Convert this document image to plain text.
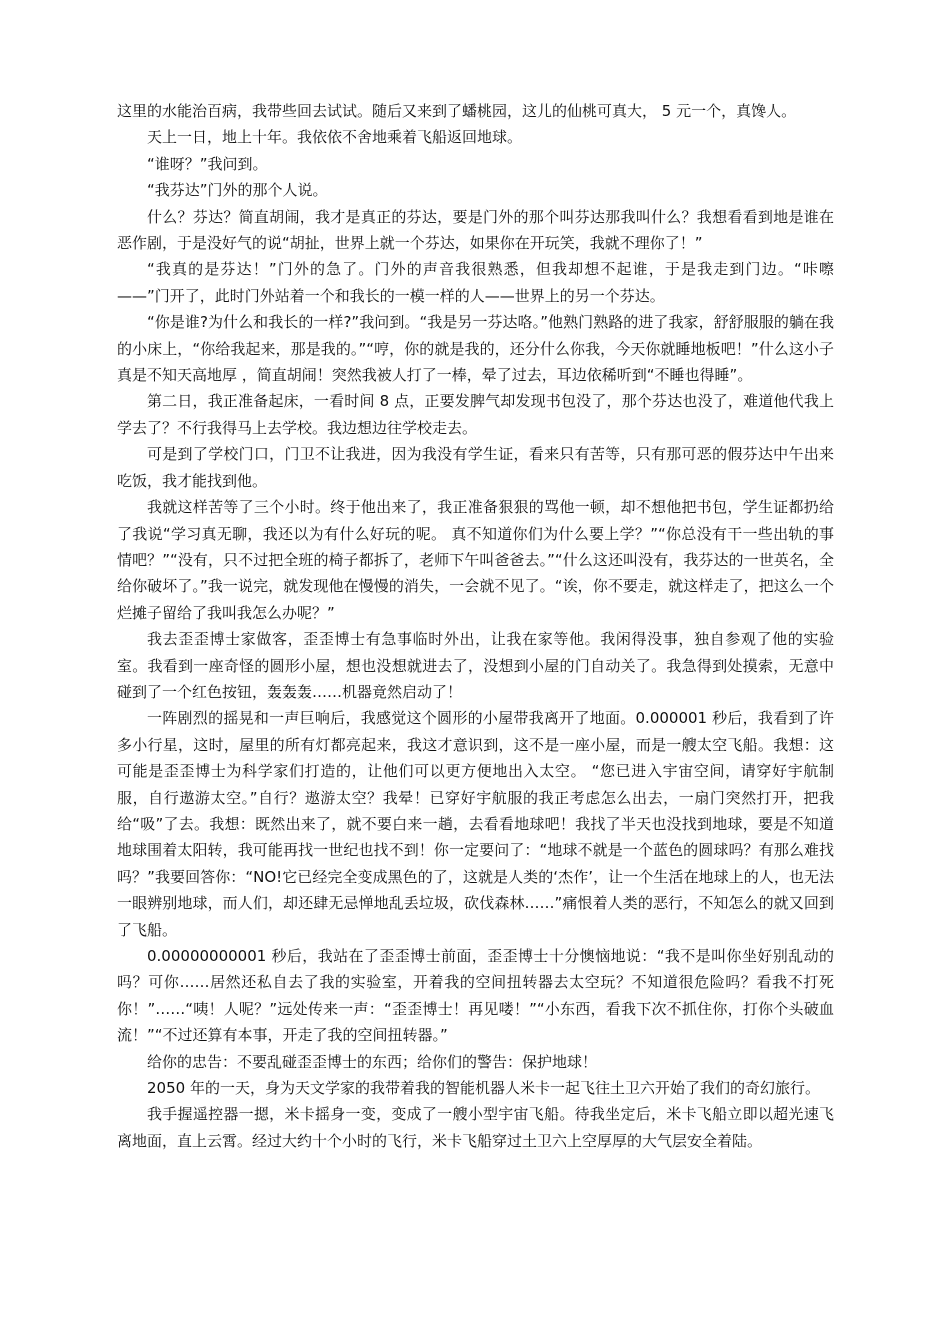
这里的水能治百病，我带些回去试试。随后又来到了蟠桃园，这儿的仙桃可真大， 5 元一个，真馋人。

天上一日，地上十年。我依依不舍地乘着飞船返回地球。

“谁呀？”我问到。

“我芬达”门外的那个人说。

什么？芬达？简直胡闹，我才是真正的芬达，要是门外的那个叫芬达那我叫什么？我想看看到地是谁在恶作剧，于是没好气的说“胡扯，世界上就一个芬达，如果你在开玩笑，我就不理你了！”

“我真的是芬达！”门外的急了。门外的声音我很熟悉，但我却想不起谁，于是我走到门边。“咔嚓——”门开了，此时门外站着一个和我长的一模一样的人——世界上的另一个芬达。

“你是谁?为什么和我长的一样?”我问到。“我是另一芬达咯。”他熟门熟路的进了我家，舒舒服服的躺在我的小床上，“你给我起来，那是我的。”“哼，你的就是我的，还分什么你我，今天你就睡地板吧！”什么这小子真是不知天高地厚 ，简直胡闹！突然我被人打了一棒，晕了过去，耳边依稀听到“不睡也得睡”。

第二日，我正准备起床，一看时间 8 点，正要发脾气却发现书包没了，那个芬达也没了，难道他代我上学去了？不行我得马上去学校。我边想边往学校走去。

可是到了学校门口，门卫不让我进，因为我没有学生证，看来只有苦等，只有那可恶的假芬达中午出来吃饭，我才能找到他。

我就这样苦等了三个小时。终于他出来了，我正准备狠狠的骂他一顿，却不想他把书包，学生证都扔给了我说“学习真无聊，我还以为有什么好玩的呢。 真不知道你们为什么要上学？”“你总没有干一些出轨的事情吧？”“没有，只不过把全班的椅子都拆了，老师下午叫爸爸去。”“什么这还叫没有，我芬达的一世英名，全给你破坏了。”我一说完，就发现他在慢慢的消失，一会就不见了。“诶，你不要走，就这样走了，把这么一个烂摊子留给了我叫我怎么办呢？”

我去歪歪博士家做客，歪歪博士有急事临时外出，让我在家等他。我闲得没事，独自参观了他的实验室。我看到一座奇怪的圆形小屋，想也没想就进去了，没想到小屋的门自动关了。我急得到处摸索，无意中碰到了一个红色按钮，轰轰轰……机器竟然启动了！

一阵剧烈的摇晃和一声巨响后，我感觉这个圆形的小屋带我离开了地面。0.000001 秒后，我看到了许多小行星，这时，屋里的所有灯都亮起来，我这才意识到，这不是一座小屋，而是一艘太空飞船。我想：这可能是歪歪博士为科学家们打造的，让他们可以更方便地出入太空。 “您已进入宇宙空间，请穿好宇航制服，自行遨游太空。”自行？遨游太空？我晕！已穿好宇航服的我正考虑怎么出去，一扇门突然打开，把我给“吸”了去。我想：既然出来了，就不要白来一趟，去看看地球吧！我找了半天也没找到地球，要是不知道地球围着太阳转，我可能再找一世纪也找不到！你一定要问了：“地球不就是一个蓝色的圆球吗？有那么难找吗？”我要回答你：“NO!它已经完全变成黑色的了，这就是人类的‘杰作’，让一个生活在地球上的人，也无法一眼辨别地球，而人们，却还肆无忌惮地乱丢垃圾，砍伐森林……”痛恨着人类的恶行，不知怎么的就又回到了飞船。

0.00000000001 秒后，我站在了歪歪博士前面，歪歪博士十分懊恼地说：“我不是叫你坐好别乱动的吗？可你……居然还私自去了我的实验室，开着我的空间扭转器去太空玩？不知道很危险吗？看我不打死你！”……“咦！人呢？”远处传来一声：“歪歪博士！再见喽！”“小东西，看我下次不抓住你，打你个头破血流！”“不过还算有本事，开走了我的空间扭转器。”

给你的忠告：不要乱碰歪歪博士的东西；给你们的警告：保护地球！

2050 年的一天，身为天文学家的我带着我的智能机器人米卡一起飞往土卫六开始了我们的奇幻旅行。

我手握遥控器一摁，米卡摇身一变，变成了一艘小型宇宙飞船。待我坐定后，米卡飞船立即以超光速飞离地面，直上云霄。经过大约十个小时的飞行，米卡飞船穿过土卫六上空厚厚的大气层安全着陆。
